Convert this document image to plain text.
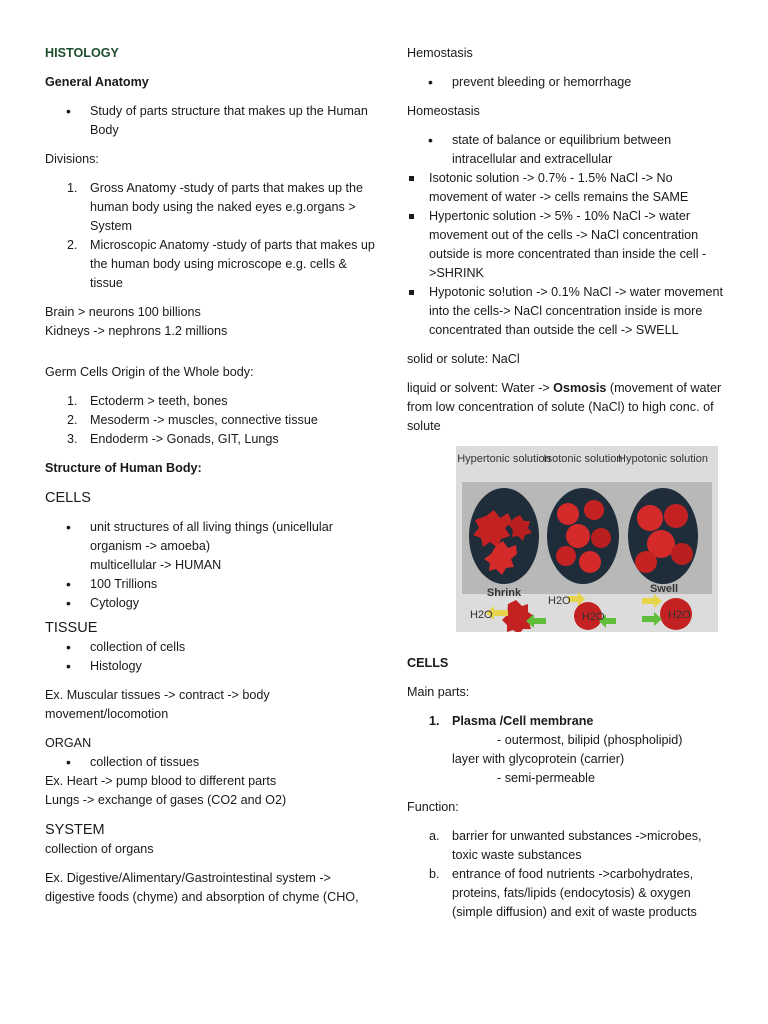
HISTOLOGY

General Anatomy

• Study of parts structure that makes up the Human Body

Divisions:

1. Gross Anatomy -study of parts that makes up the human body using the naked eyes e.g.organs > System
2. Microscopic Anatomy -study of parts that makes up the human body using microscope e.g. cells & tissue

Brain > neurons 100 billions

Kidneys -> nephrons 1.2 millions

Germ Cells Origin of the Whole body:

1. Ectoderm > teeth, bones
2. Mesoderm -> muscles, connective tissue
3. Endoderm -> Gonads, GIT, Lungs

Structure of Human Body:

CELLS

• unit structures of all living things (unicellular organism -> amoeba)
multicellular -> HUMAN
• 100 Trillions
• Cytology

TISSUE

• collection of cells
• Histology

Ex. Muscular tissues -> contract -> body movement/locomotion

ORGAN

• collection of tissues

Ex. Heart -> pump blood to different parts

Lungs -> exchange of gases (CO2 and O2)

SYSTEM

collection of organs

Ex. Digestive/Alimentary/Gastrointestinal system -> digestive foods (chyme) and absorption of chyme (CHO,

Hemostasis

• prevent bleeding or hemorrhage

Homeostasis

• state of balance or equilibrium between intracellular and extracellular
Isotonic solution -> 0.7% - 1.5% NaCl -> No movement of water -> cells remains the SAME
Hypertonic solution -> 5% - 10% NaCl -> water movement out of the cells -> NaCl concentration outside is more concentrated than inside the cell ->SHRINK
Hypotonic so!ution -> 0.1% NaCl -> water movement into the cells-> NaCl concentration inside is more concentrated than outside the cell -> SWELL

solid or solute: NaCl

liquid or solvent: Water -> Osmosis (movement of water from low concentration of solute (NaCl) to high conc. of solute

Hypertonic solution
Isotonic solution
Hypotonic solution
Shrink	Swell
H2O
H2O
H2O	H2O

CELLS

Main parts:

1. Plasma /Cell membrane

- outermost, bilipid (phospholipid)

layer with glycoprotein (carrier)

- semi-permeable

Function:

a. barrier for unwanted substances ->microbes, toxic waste substances
b. entrance of food nutrients ->carbohydrates, proteins, fats/lipids (endocytosis) & oxygen (simple diffusion) and exit of waste products
